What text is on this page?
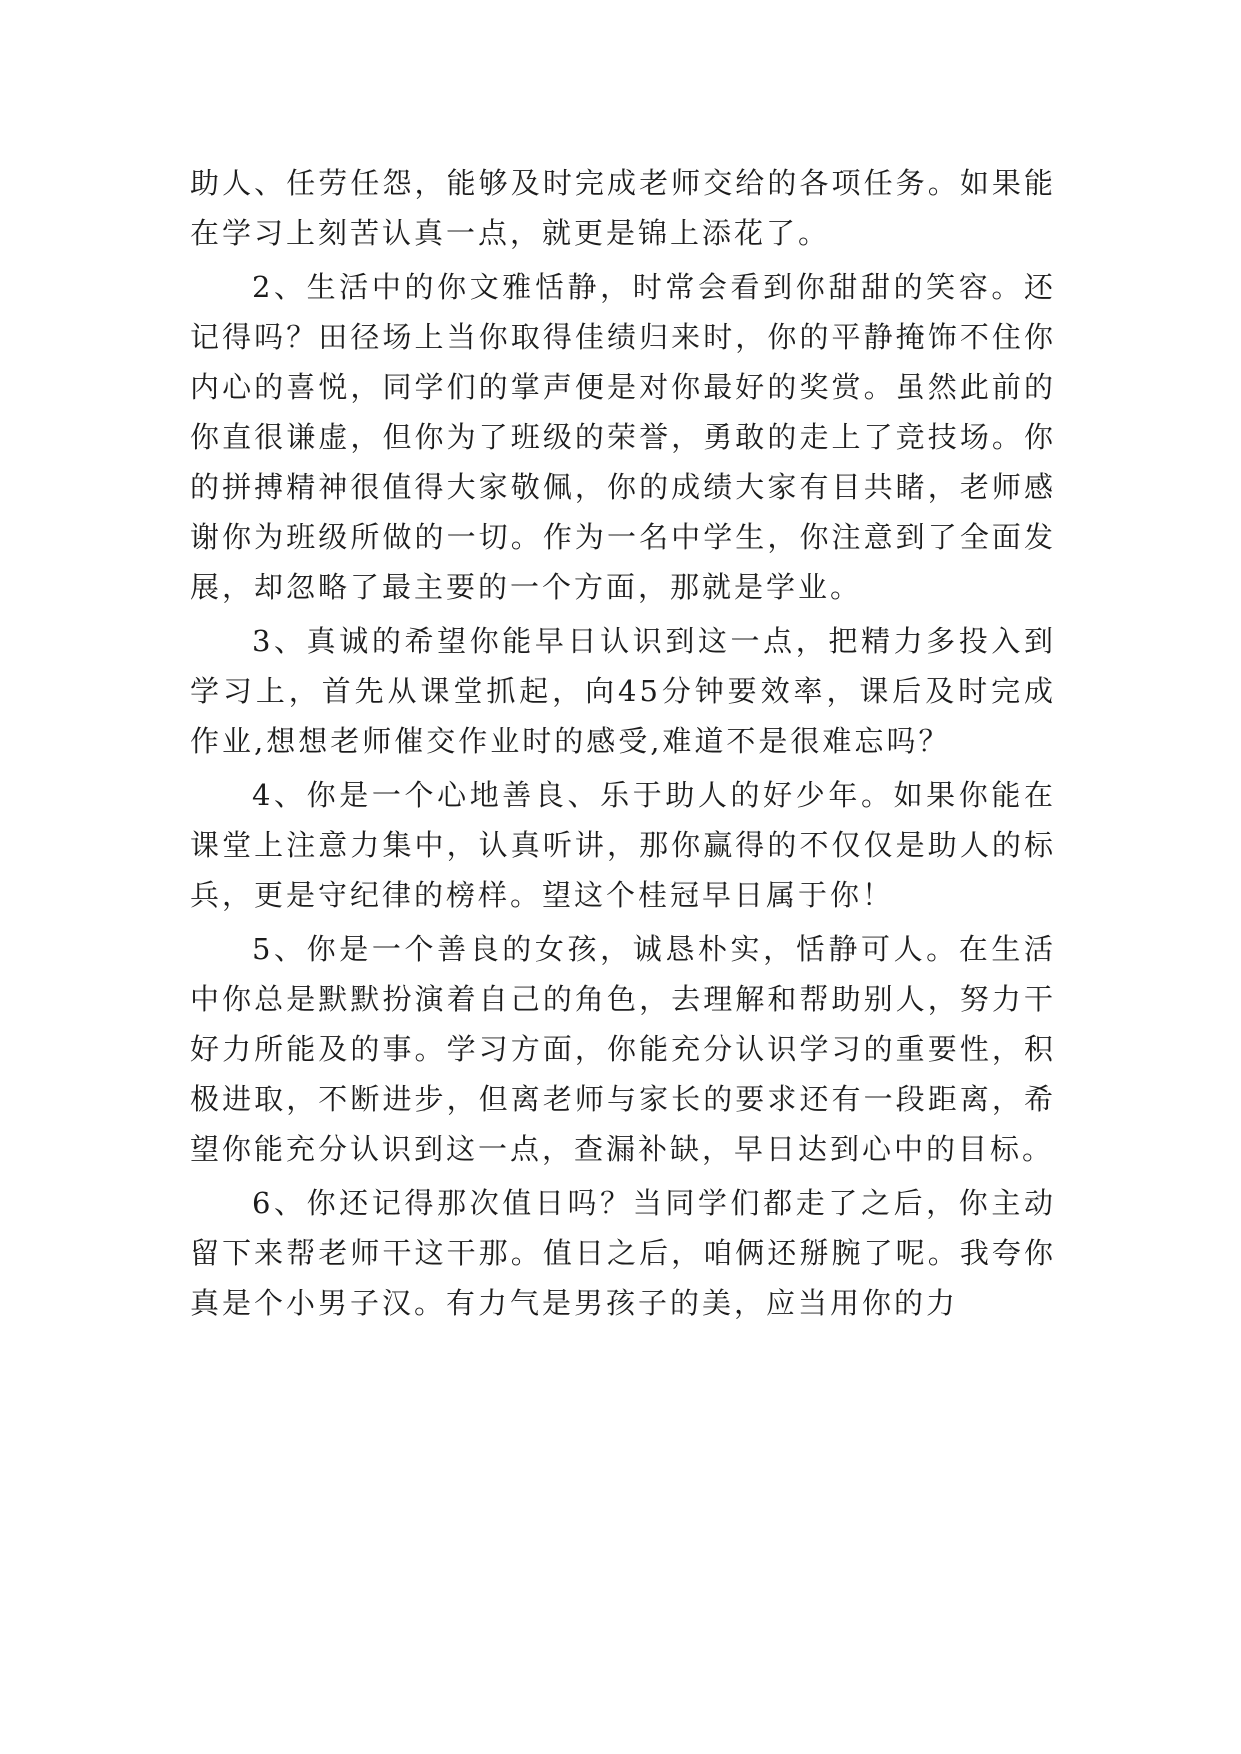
助人、任劳任怨，能够及时完成老师交给的各项任务。如果能在学习上刻苦认真一点，就更是锦上添花了。

2、生活中的你文雅恬静，时常会看到你甜甜的笑容。还记得吗？田径场上当你取得佳绩归来时，你的平静掩饰不住你内心的喜悦，同学们的掌声便是对你最好的奖赏。虽然此前的你直很谦虚，但你为了班级的荣誉，勇敢的走上了竞技场。你的拼搏精神很值得大家敬佩，你的成绩大家有目共睹，老师感谢你为班级所做的一切。作为一名中学生，你注意到了全面发展，却忽略了最主要的一个方面，那就是学业。

3、真诚的希望你能早日认识到这一点，把精力多投入到学习上，首先从课堂抓起，向45分钟要效率，课后及时完成作业,想想老师催交作业时的感受,难道不是很难忘吗？

4、你是一个心地善良、乐于助人的好少年。如果你能在课堂上注意力集中，认真听讲，那你赢得的不仅仅是助人的标兵，更是守纪律的榜样。望这个桂冠早日属于你！

5、你是一个善良的女孩，诚恳朴实，恬静可人。在生活中你总是默默扮演着自己的角色，去理解和帮助别人，努力干好力所能及的事。学习方面，你能充分认识学习的重要性，积极进取，不断进步，但离老师与家长的要求还有一段距离，希望你能充分认识到这一点，查漏补缺，早日达到心中的目标。

6、你还记得那次值日吗？当同学们都走了之后，你主动留下来帮老师干这干那。值日之后，咱俩还掰腕了呢。我夸你真是个小男子汉。有力气是男孩子的美，应当用你的力
